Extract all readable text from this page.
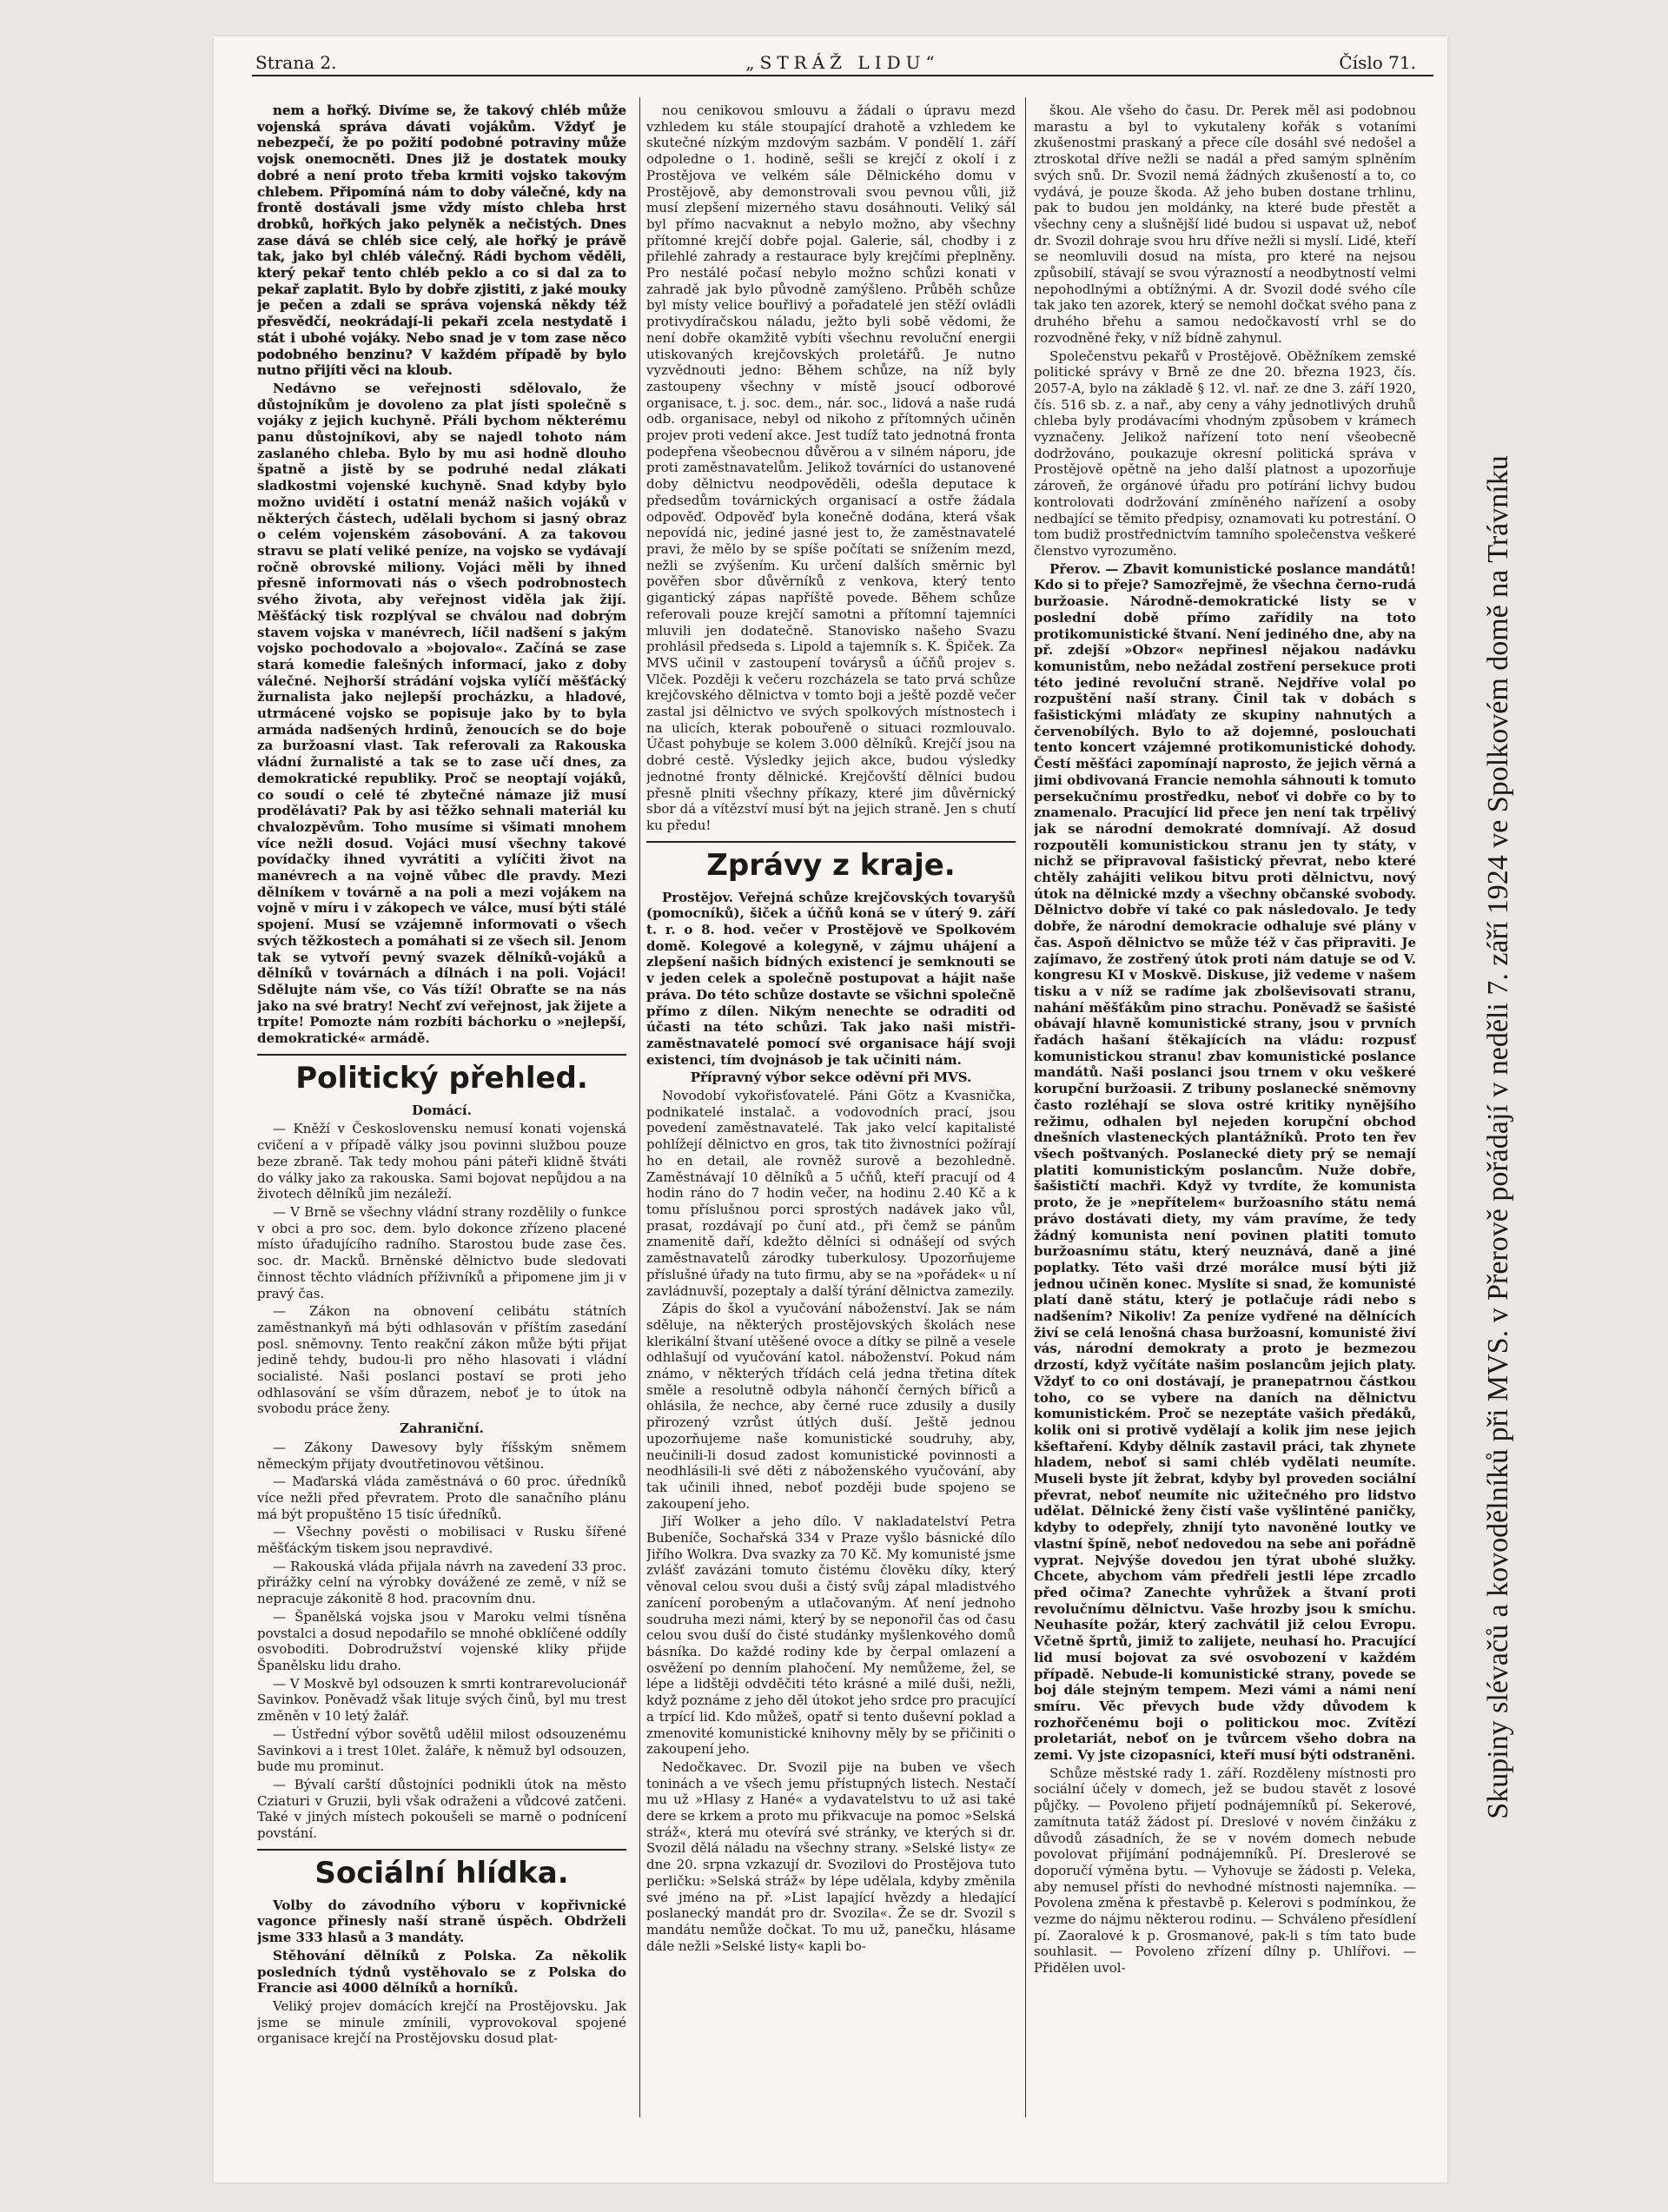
Strana 2.	„STRÁŽ LIDU“	Číslo 71.

nem a hořký. Divíme se, že takový chléb může vojenská správa dávati vojákům. Vždyť je nebezpečí, že po požití podobné potraviny může vojsk onemocněti. Dnes již je dostatek mouky dobré a není proto třeba krmiti vojsko takovým chlebem. Připomíná nám to doby válečné, kdy na frontě dostávali jsme vždy místo chleba hrst drobků, hořkých jako pelyněk a nečistých. Dnes zase dává se chléb sice celý, ale hořký je právě tak, jako byl chléb válečný. Rádi bychom věděli, který pekař tento chléb peklo a co si dal za to pekař zaplatit. Bylo by dobře zjistiti, z jaké mouky je pečen a zdali se správa vojenská někdy též přesvědčí, neokrádají-li pekaři zcela nestydatě i stát i ubohé vojáky. Nebo snad je v tom zase něco podobného benzinu? V každém případě by bylo nutno přijíti věci na kloub.

Nedávno se veřejnosti sdělovalo, že důstojníkům je dovoleno za plat jísti společně s vojáky z jejich kuchyně. Přáli bychom některému panu důstojníkovi, aby se najedl tohoto nám zaslaného chleba. Bylo by mu asi hodně dlouho špatně a jistě by se podruhé nedal zlákati sladkostmi vojenské kuchyně. Snad kdyby bylo možno uvidětí i ostatní menáž našich vojáků v některých částech, udělali bychom si jasný obraz o celém vojenském zásobování. A za takovou stravu se platí veliké peníze, na vojsko se vydávají ročně obrovské miliony. Vojáci měli by ihned přesně informovati nás o všech podrobnostech svého života, aby veřejnost viděla jak žijí. Měšťácký tisk rozplýval se chválou nad dobrým stavem vojska v manévrech, líčil nadšení s jakým vojsko pochodovalo a »bojovalo«. Začíná se zase stará komedie falešných informací, jako z doby válečné. Nejhorší strádání vojska vylíčí měšťácký žurnalista jako nejlepší procházku, a hladové, utrmácené vojsko se popisuje jako by to byla armáda nadšených hrdinů, ženoucích se do boje za buržoasní vlast. Tak referovali za Rakouska vládní žurnalisté a tak se to zase učí dnes, za demokratické republiky. Proč se neoptají vojáků, co soudí o celé té zbytečné námaze již musí prodělávati? Pak by asi těžko sehnali materiál ku chvalozpěvům. Toho musíme si všimati mnohem více nežli dosud. Vojáci musí všechny takové povídačky ihned vyvrátiti a vylíčiti život na manévrech a na vojně vůbec dle pravdy. Mezi dělníkem v továrně a na poli a mezi vojákem na vojně v míru i v zákopech ve válce, musí býti stálé spojení. Musí se vzájemně informovati o všech svých těžkostech a pomáhati si ze všech sil. Jenom tak se vytvoří pevný svazek dělníků-vojáků a dělníků v továrnách a dílnách i na poli. Vojáci! Sdělujte nám vše, co Vás tíží! Obraťte se na nás jako na své bratry! Nechť zví veřejnost, jak žijete a trpíte! Pomozte nám rozbíti báchorku o »nejlepší, demokratické« armádě.

Politický přehled.
Domácí.

— Kněží v Československu nemusí konati vojenská cvičení a v případě války jsou povinni službou pouze beze zbraně. Tak tedy mohou páni páteři klidně štváti do války jako za rakouska. Sami bojovat nepůjdou a na životech dělníků jim nezáleží.

— V Brně se všechny vládní strany rozdělily o funkce v obci a pro soc. dem. bylo dokonce zřízeno placené místo úřadujícího radního. Starostou bude zase čes. soc. dr. Macků. Brněnské dělnictvo bude sledovati činnost těchto vládních příživníků a připomene jim ji v pravý čas.

— Zákon na obnovení celibátu státních zaměstnankyň má býti odhlasován v příštím zasedání posl. sněmovny. Tento reakční zákon může býti přijat jedině tehdy, budou-li pro něho hlasovati i vládní socialisté. Naši poslanci postaví se proti jeho odhlasování se vším důrazem, neboť je to útok na svobodu práce ženy.

Zahraniční.

— Zákony Dawesovy byly říšským sněmem německým přijaty dvoutřetinovou většinou.

— Maďarská vláda zaměstnává o 60 proc. úředníků více nežli před převratem. Proto dle sanačního plánu má být propuštěno 15 tisíc úředníků.

— Všechny pověsti o mobilisaci v Rusku šířené měšťáckým tiskem jsou nepravdivé.

— Rakouská vláda přijala návrh na zavedení 33 proc. přirážky celní na výrobky dovážené ze země, v níž se nepracuje zákonitě 8 hod. pracovním dnu.

— Španělská vojska jsou v Maroku velmi tísněna povstalci a dosud nepodařilo se mnohé obklíčené oddíly osvoboditi. Dobrodružství vojenské kliky přijde Španělsku lidu draho.

— V Moskvě byl odsouzen k smrti kontrarevolucionář Savinkov. Poněvadž však lituje svých činů, byl mu trest změněn v 10 letý žalář.

— Ústřední výbor sovětů udělil milost odsouzenému Savinkovi a i trest 10let. žaláře, k němuž byl odsouzen, bude mu prominut.

— Bývalí carští důstojníci podnikli útok na město Cziaturi v Gruzii, byli však odraženi a vůdcové zatčeni. Také v jiných místech pokoušeli se marně o podnícení povstání.

Sociální hlídka.

Volby do závodního výboru v kopřivnické vagonce přinesly naší straně úspěch. Obdrželi jsme 333 hlasů a 3 mandáty.

Stěhování dělníků z Polska. Za několik posledních týdnů vystěhovalo se z Polska do Francie asi 4000 dělníků a horníků.

Veliký projev domácích krejčí na Prostějovsku. Jak jsme se minule zmínili, vyprovokoval spojené organisace krejčí na Prostějovsku dosud plat-

nou cenikovou smlouvu a žádali o úpravu mezd vzhledem ku stále stoupající drahotě a vzhledem ke skutečné nízkým mzdovým sazbám. V pondělí 1. září odpoledne o 1. hodině, sešli se krejčí z okolí i z Prostějova ve velkém sále Dělnického domu v Prostějově, aby demonstrovali svou pevnou vůli, již musí zlepšení mizerného stavu dosáhnouti. Veliký sál byl přímo nacvaknut a nebylo možno, aby všechny přítomné krejčí dobře pojal. Galerie, sál, chodby i z přilehlé zahrady a restaurace byly krejčími přeplněny. Pro nestálé počasí nebylo možno schůzi konati v zahradě jak bylo původně zamýšleno. Průběh schůze byl místy velice bouřlivý a pořadatelé jen stěží ovládli protivydíračskou náladu, ježto byli sobě vědomi, že není dobře okamžitě vybíti všechnu revoluční energii utiskovaných krejčovských proletářů. Je nutno vyzvědnouti jedno: Během schůze, na níž byly zastoupeny všechny v místě jsoucí odborové organisace, t. j. soc. dem., nár. soc., lidová a naše rudá odb. organisace, nebyl od nikoho z přítomných učiněn projev proti vedení akce. Jest tudíž tato jednotná fronta podepřena všeobecnou důvěrou a v silném náporu, jde proti zaměstnavatelům. Jelikož továrníci do ustanovené doby dělnictvu neodpověděli, odešla deputace k předsedům továrnických organisací a ostře žádala odpověď. Odpověď byla konečně dodána, která však nepovídá nic, jediné jasné jest to, že zaměstnavatelé pravi, že mělo by se spíše počítati se snížením mezd, nežli se zvýšením. Ku určení dalších směrnic byl pověřen sbor důvěrníků z venkova, který tento gigantický zápas napříště povede. Během schůze referovali pouze krejčí samotni a přítomní tajemníci mluvili jen dodatečně. Stanovisko našeho Svazu prohlásil předseda s. Lipold a tajemník s. K. Špiček. Za MVS učinil v zastoupení továrysů a účňů projev s. Vlček. Později k večeru rozcházela se tato prvá schůze krejčovského dělnictva v tomto boji a ještě pozdě večer zastal jsi dělnictvo ve svých spolkových místnostech i na ulicích, kterak pobouřeně o situaci rozmlouvalo. Účast pohybuje se kolem 3.000 dělníků. Krejčí jsou na dobré cestě. Výsledky jejich akce, budou výsledky jednotné fronty dělnické. Krejčovští dělníci budou přesně plniti všechny příkazy, které jim důvěrnický sbor dá a vítězství musí být na jejich straně. Jen s chutí ku předu!

Zprávy z kraje.

Prostějov. Veřejná schůze krejčovských tovaryšů (pomocníků), šiček a účňů koná se v úterý 9. září t. r. o 8. hod. večer v Prostějově ve Spolkovém domě. Kolegové a kolegyně, v zájmu uhájení a zlepšení našich bídných existencí je semknouti se v jeden celek a společně postupovat a hájit naše práva. Do této schůze dostavte se všichni společně přímo z dílen. Nikým nenechte se odraditi od účasti na této schůzi. Tak jako naši mistři-zaměstnavatelé pomocí své organisace hájí svoji existenci, tím dvojnásob je tak učiniti nám.

Přípravný výbor sekce oděvní při MVS.

Novodobí vykořisťovatelé. Páni Götz a Kvasnička, podnikatelé instalač. a vodovodních prací, jsou povedení zaměstnavatelé. Tak jako velcí kapitalisté pohlížejí dělnictvo en gros, tak tito živnostníci požírají ho en detail, ale rovněž surově a bezohledně. Zaměstnávají 10 dělníků a 5 učňů, kteří pracují od 4 hodin ráno do 7 hodin večer, na hodinu 2.40 Kč a k tomu příslušnou porci sprostých nadávek jako vůl, prasat, rozdávají po čuní atd., při čemž se pánům znamenitě daří, kdežto dělníci si odnášejí od svých zaměstnavatelů zárodky tuberkulosy. Upozorňujeme příslušné úřady na tuto firmu, aby se na »pořádek« u ní zavládnuvší, pozeptaly a další týrání dělnictva zamezily.

Zápis do škol a vyučování náboženství. Jak se nám sděluje, na některých prostějovských školách nese klerikální štvaní utěšené ovoce a dítky se pilně a vesele odhlašují od vyučování katol. náboženství. Pokud nám známo, v některých třídách celá jedna třetina dítek směle a resolutně odbyla náhončí černých bířiců a ohlásila, že nechce, aby černé ruce zdusily a dusily přirozený vzrůst útlých duší. Ještě jednou upozorňujeme naše komunistické soudruhy, aby, neučinili-li dosud zadost komunistické povinnosti a neodhlásili-li své děti z náboženského vyučování, aby tak učinili ihned, neboť později bude spojeno se zakoupení jeho.

Jiří Wolker a jeho dílo. V nakladatelství Petra Bubeníče, Sochařská 334 v Praze vyšlo básnické dílo Jiřího Wolkra. Dva svazky za 70 Kč. My komunisté jsme zvlášť zavázáni tomuto čistému člověku díky, který věnoval celou svou duši a čistý svůj zápal mladistvého zanícení porobeným a utlačovaným. Ať není jednoho soudruha mezi námi, který by se neponořil čas od času celou svou duší do čisté studánky myšlenkového domů básníka. Do každé rodiny kde by čerpal omlazení a osvěžení po denním plahočení. My nemůžeme, žel, se lépe a lidštěji odvděčiti této krásné a milé duši, nežli, když poznáme z jeho děl útokot jeho srdce pro pracující a trpící lid. Kdo můžeš, opatř si tento duševní poklad a zmenovité komunistické knihovny měly by se přičiniti o zakoupení jeho.

Nedočkavec. Dr. Svozil pije na buben ve všech toninách a ve všech jemu přístupných listech. Nestačí mu už »Hlasy z Hané« a vydavatelstvu to už asi také dere se krkem a proto mu přikvacuje na pomoc »Selská stráž«, která mu otevírá své stránky, ve kterých si dr. Svozil dělá náladu na všechny strany. »Selské listy« ze dne 20. srpna vzkazují dr. Svozilovi do Prostějova tuto perličku: »Selská stráž« by lépe udělala, kdyby změnila své jméno na př. »List lapající hvězdy a hledající poslanecký mandát pro dr. Svozila«. Že se dr. Svozil s mandátu nemůže dočkat. To mu už, panečku, hlásame dále nežli »Selské listy« kapli bo-

škou. Ale všeho do času. Dr. Perek měl asi podobnou marastu a byl to vykutaleny kořák s votaními zkušenostmi praskaný a přece cíle dosáhl své nedošel a ztroskotal dříve nežli se nadál a před samým splněním svých snů. Dr. Svozil nemá žádných zkušeností a to, co vydává, je pouze škoda. Až jeho buben dostane trhlinu, pak to budou jen moldánky, na které bude přestět a všechny ceny a slušnější lidé budou si uspavat už, neboť dr. Svozil dohraje svou hru dříve nežli si myslí. Lidé, kteří se neomluvili dosud na místa, pro které na nejsou způsobilí, stávají se svou výrazností a neodbytností velmi nepohodlnými a obtížnými. A dr. Svozil dodé svého cíle tak jako ten azorek, který se nemohl dočkat svého pana z druhého břehu a samou nedočkavostí vrhl se do rozvodněné řeky, v níž bídně zahynul.

Společenstvu pekařů v Prostějově. Oběžníkem zemské politické správy v Brně ze dne 20. března 1923, čís. 2057-A, bylo na základě § 12. vl. nař. ze dne 3. září 1920, čís. 516 sb. z. a nař., aby ceny a váhy jednotlivých druhů chleba byly prodávacími vhodným způsobem v krámech vyznačeny. Jelikož nařízení toto není všeobecně dodržováno, poukazuje okresní politická správa v Prostějově opětně na jeho další platnost a upozorňuje zároveň, že orgánové úřadu pro potírání lichvy budou kontrolovati dodržování zmíněného nařízení a osoby nedbající se těmito předpisy, oznamovati ku potrestání. O tom budiž prostřednictvím tamního společenstva veškeré členstvo vyrozuměno.

Přerov. — Zbavit komunistické poslance mandátů! Kdo si to přeje? Samozřejmě, že všechna černo-rudá buržoasie. Národně-demokratické listy se v poslední době přímo zařídily na toto protikomunistické štvaní. Není jediného dne, aby na př. zdejší »Obzor« nepřinesl nějakou nadávku komunistům, nebo nežádal zostření persekuce proti této jediné revoluční straně. Nejdříve volal po rozpuštění naší strany. Činil tak v dobách s fašistickými mláďaty ze skupiny nahnutých a červenobílých. Bylo to až dojemné, poslouchati tento koncert vzájemné protikomunistické dohody. Čestí měšťáci zapomínají naprosto, že jejich věrná a jimi obdivovaná Francie nemohla sáhnouti k tomuto persekučnímu prostředku, neboť vi dobře co by to znamenalo. Pracující lid přece jen není tak trpělivý jak se národní demokraté domnívají. Až dosud rozpoutěli komunistickou stranu jen ty státy, v nichž se připravoval fašistický převrat, nebo které chtěly zahájiti velikou bitvu proti dělnictvu, nový útok na dělnické mzdy a všechny občanské svobody. Dělnictvo dobře ví také co pak následovalo. Je tedy dobře, že národní demokracie odhaluje své plány v čas. Aspoň dělnictvo se může též v čas připraviti. Je zajímavo, že zostřený útok proti nám datuje se od V. kongresu KI v Moskvě. Diskuse, již vedeme v našem tisku a v níž se radíme jak zbolševisovati stranu, nahání měšťákům pino strachu. Poněvadž se šašisté obávají hlavně komunistické strany, jsou v prvních řadách hašaní štěkajících na vládu: rozpusť komunistickou stranu! zbav komunistické poslance mandátů. Naši poslanci jsou trnem v oku veškeré korupční buržoasii. Z tribuny poslanecké sněmovny často rozléhají se slova ostré kritiky nynějšího režimu, odhalen byl nejeden korupční obchod dnešních vlasteneckých plantážníků. Proto ten řev všech poštvaných. Poslanecké diety prý se nemají platiti komunistickým poslancům. Nuže dobře, šašističtí machři. Když vy tvrdíte, že komunista proto, že je »nepřítelem« buržoasního státu nemá právo dostávati diety, my vám pravíme, že tedy žádný komunista není povinen platiti tomuto buržoasnímu státu, který neuznává, daně a jiné poplatky. Této vaši drzé morálce musí býti již jednou učiněn konec. Myslíte si snad, že komunisté platí daně státu, který je potlačuje rádi nebo s nadšením? Nikoliv! Za peníze vydřené na dělnících živí se celá lenošná chasa buržoasní, komunisté živí vás, národní demokraty a proto je bezmezou drzostí, když vyčítáte našim poslancům jejich platy. Vždyť to co oni dostávají, je pranepatrnou částkou toho, co se vybere na daních na dělnictvu komunistickém. Proč se nezeptáte vašich předáků, kolik oni si protivě vydělají a kolik jim nese jejich kšeftaření. Kdyby dělník zastavil práci, tak zhynete hladem, neboť si sami chléb vydělati neumíte. Museli byste jít žebrat, kdyby byl proveden sociální převrat, neboť neumíte nic užitečného pro lidstvo udělat. Dělnické ženy čistí vaše vyšlintěné paničky, kdyby to odepřely, zhnijí tyto navoněné loutky ve vlastní špíně, neboť nedovedou na sebe ani pořádně vyprat. Nejvýše dovedou jen týrat ubohé služky. Chcete, abychom vám předřeli jestli lépe zrcadlo před očima? Zanechte vyhrůžek a štvaní proti revolučnímu dělnictvu. Vaše hrozby jsou k smíchu. Neuhasíte požár, který zachvátil již celou Evropu. Včetně šprtů, jimiž to zalijete, neuhasí ho. Pracující lid musí bojovat za své osvobození v každém případě. Nebude-li komunistické strany, povede se boj dále stejným tempem. Mezi vámi a námi není smíru. Věc převych bude vždy důvodem k rozhořčenému boji o politickou moc. Zvítězí proletariát, neboť on je tvůrcem všeho dobra na zemi. Vy jste cizopasníci, kteří musí býti odstraněni.

Schůze městské rady 1. září. Rozděleny místnosti pro sociální účely v domech, jež se budou stavět z losové půjčky. — Povoleno přijetí podnájemníků pí. Sekerové, zamítnuta tatáž žádost pí. Dreslové v novém činžáku z důvodů zásadních, že se v novém domech nebude povolovat přijímání podnájemníků. Pí. Dreslerové se doporučí výměna bytu. — Vyhovuje se žádosti p. Veleka, aby nemusel přísti do nevhodné místnosti najemníka. — Povolena změna k přestavbě p. Kelerovi s podmínkou, že vezme do nájmu některou rodinu. — Schváleno přesídlení pí. Zaoralové k p. Grosmanové, pak-li s tím tato bude souhlasit. — Povoleno zřízení dílny p. Uhlířovi. — Přidělen uvol-

Skupiny slévačů a kovodělníků při MVS. v Přerově pořádají v neděli 7. září 1924 ve Spolkovém domě na Trávníku
